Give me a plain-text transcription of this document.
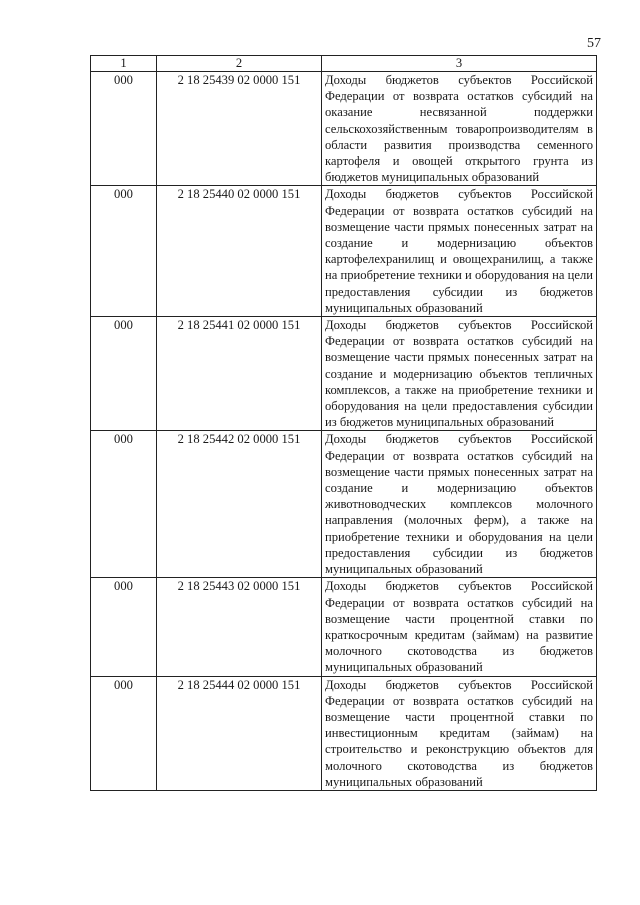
57
1	2	3
000	2 18 25439 02 0000 151	Доходы бюджетов субъектов Российской Федерации от возврата остатков субсидий на оказание несвязанной поддержки сельскохозяйственным товаропроизводителям в области развития производства семенного картофеля и овощей открытого грунта из бюджетов муниципальных образований
000	2 18 25440 02 0000 151	Доходы бюджетов субъектов Российской Федерации от возврата остатков субсидий на возмещение части прямых понесенных затрат на создание и модернизацию объектов картофелехранилищ и овощехранилищ, а также на приобретение техники и оборудования на цели предоставления субсидии из бюджетов муниципальных образований
000	2 18 25441 02 0000 151	Доходы бюджетов субъектов Российской Федерации от возврата остатков субсидий на возмещение части прямых понесенных затрат на создание и модернизацию объектов тепличных комплексов, а также на приобретение техники и оборудования на цели предоставления субсидии из бюджетов муниципальных образований
000	2 18 25442 02 0000 151	Доходы бюджетов субъектов Российской Федерации от возврата остатков субсидий на возмещение части прямых понесенных затрат на создание и модернизацию объектов животноводческих комплексов молочного направления (молочных ферм), а также на приобретение техники и оборудования на цели предоставления субсидии из бюджетов муниципальных образований
000	2 18 25443 02 0000 151	Доходы бюджетов субъектов Российской Федерации от возврата остатков субсидий на возмещение части процентной ставки по краткосрочным кредитам (займам) на развитие молочного скотоводства из бюджетов муниципальных образований
000	2 18 25444 02 0000 151	Доходы бюджетов субъектов Российской Федерации от возврата остатков субсидий на возмещение части процентной ставки по инвестиционным кредитам (займам) на строительство и реконструкцию объектов для молочного скотоводства из бюджетов муниципальных образований
